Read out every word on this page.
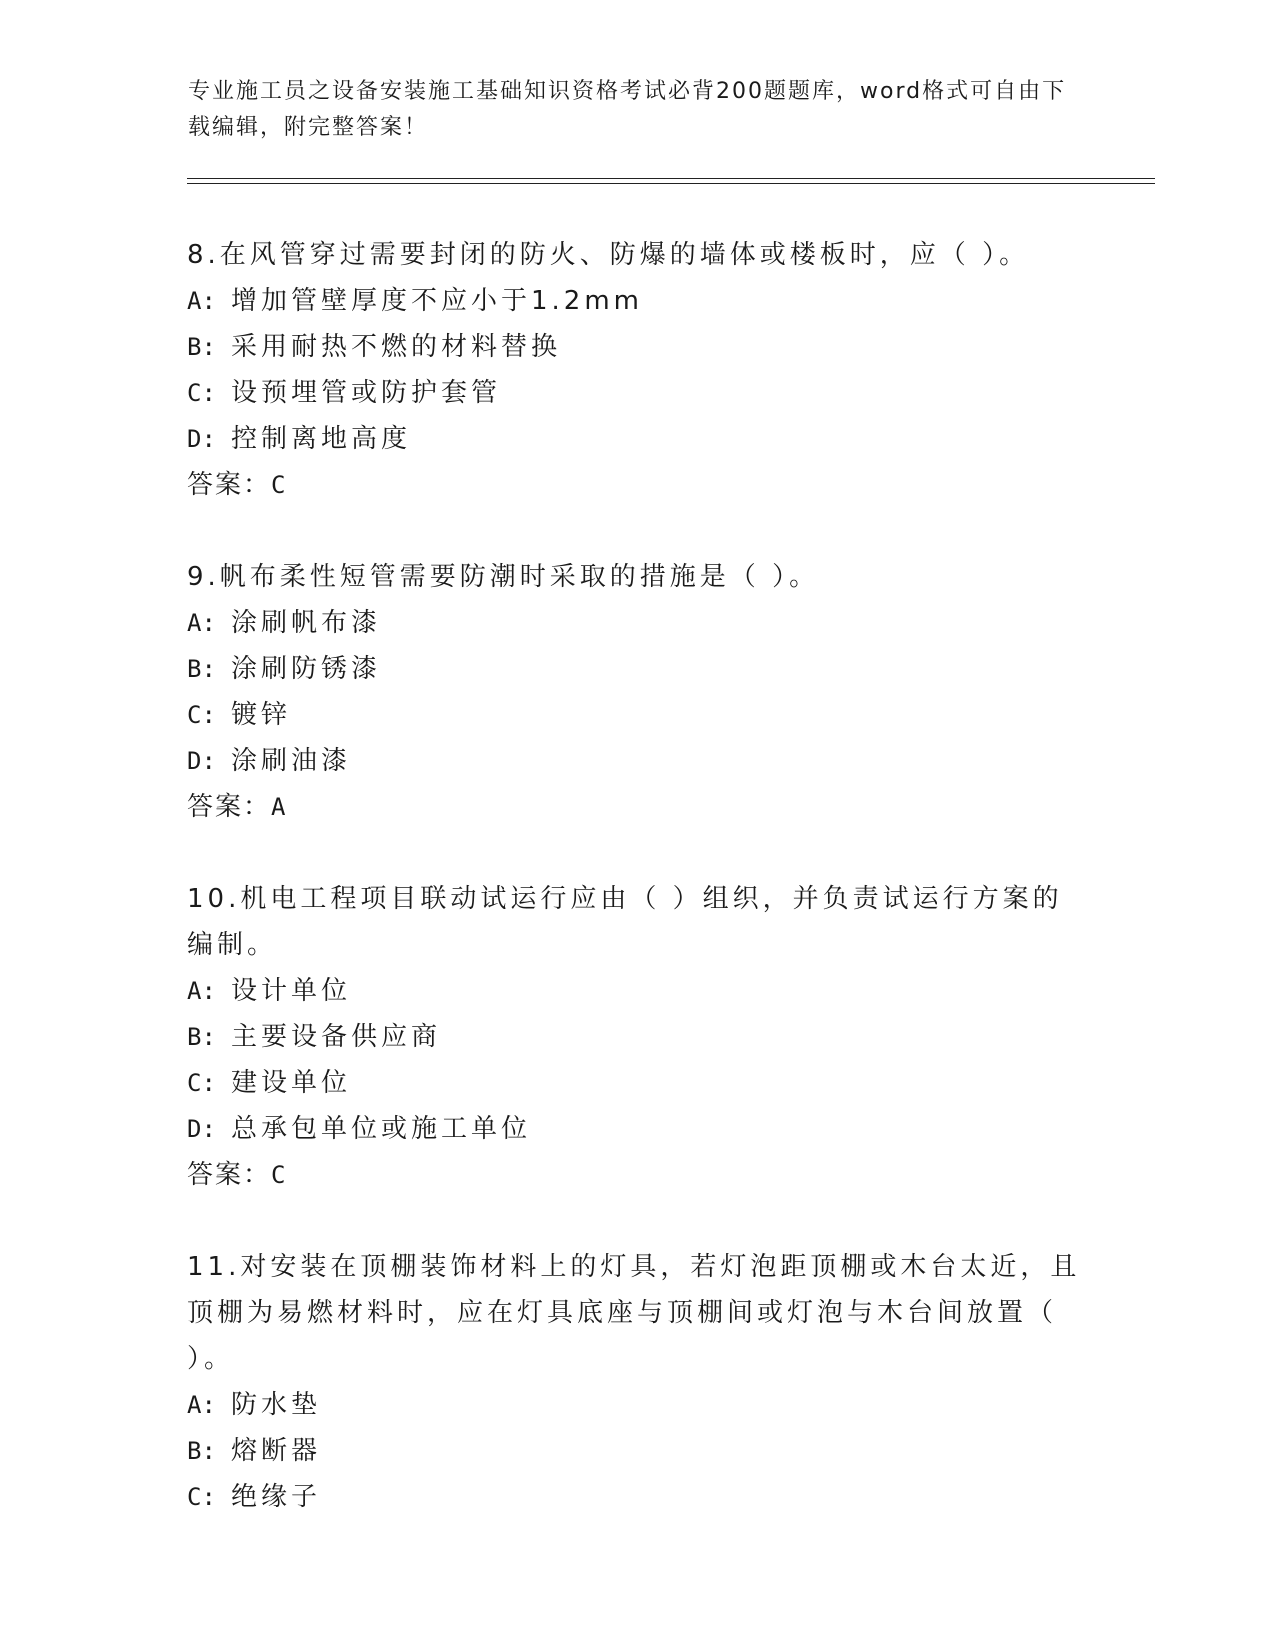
专业施工员之设备安装施工基础知识资格考试必背200题题库，word格式可自由下载编辑，附完整答案！

8.在风管穿过需要封闭的防火、防爆的墙体或楼板时，应（ ）。

A: 增加管壁厚度不应小于1.2mm
B: 采用耐热不燃的材料替换
C: 设预埋管或防护套管
D: 控制离地高度
答案：C

9.帆布柔性短管需要防潮时采取的措施是（ ）。

A: 涂刷帆布漆
B: 涂刷防锈漆
C: 镀锌
D: 涂刷油漆
答案：A

10.机电工程项目联动试运行应由（ ）组织，并负责试运行方案的编制。

A: 设计单位
B: 主要设备供应商
C: 建设单位
D: 总承包单位或施工单位
答案：C

11.对安装在顶棚装饰材料上的灯具，若灯泡距顶棚或木台太近，且顶棚为易燃材料时，应在灯具底座与顶棚间或灯泡与木台间放置（ ）。

A: 防水垫
B: 熔断器
C: 绝缘子
